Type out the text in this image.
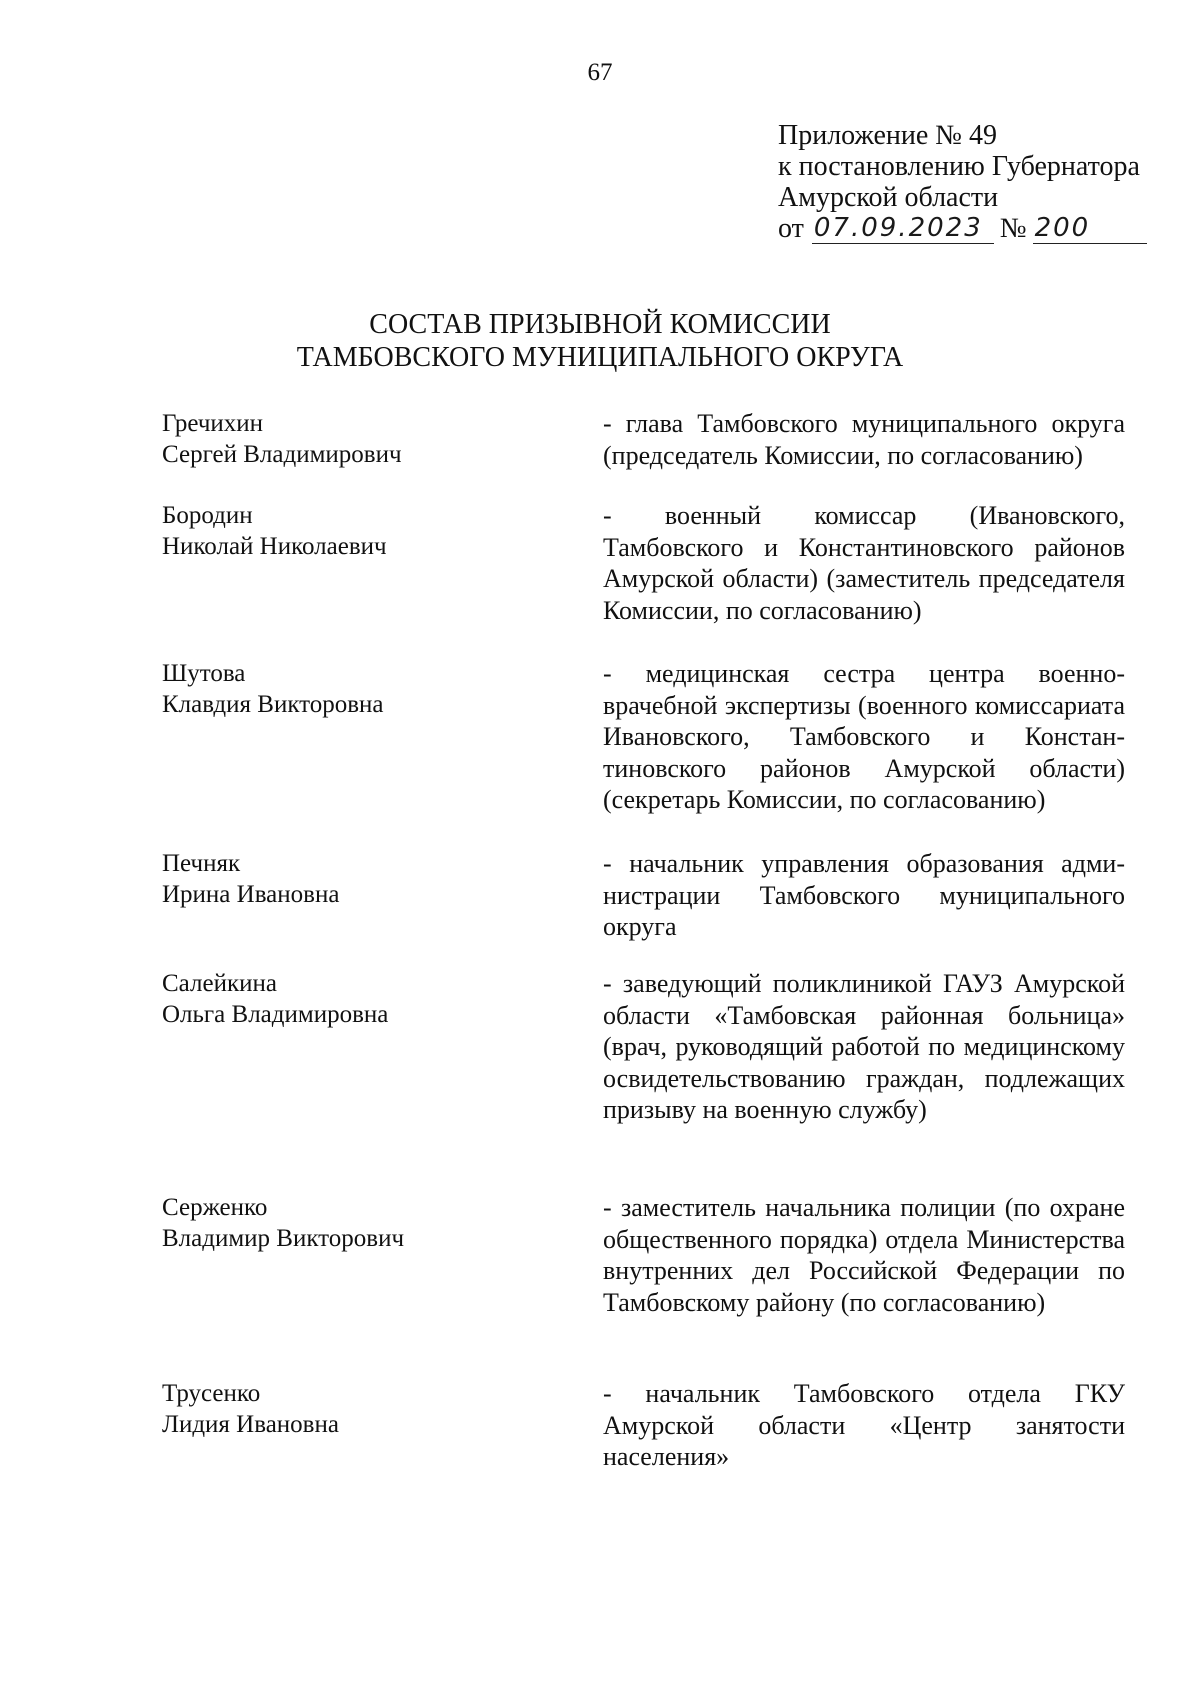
67
Приложение № 49
к постановлению Губернатора
Амурской области
от 07.09.2023 № 200
СОСТАВ ПРИЗЫВНОЙ КОМИССИИ
ТАМБОВСКОГО МУНИЦИПАЛЬНОГО ОКРУГА
Гречихин
Сергей Владимирович
- глава Тамбовского муниципального округа (председатель Комиссии, по согласованию)
Бородин
Николай Николаевич
- военный комиссар (Ивановского, Тамбовского и Константиновского районов Амурской области) (заместитель председателя Комиссии, по согласованию)
Шутова
Клавдия Викторовна
- медицинская сестра центра военно-врачебной экспертизы (военного комиссариата Ивановского, Тамбовского и Константиновского районов Амурской области) (секретарь Комиссии, по согласованию)
Печняк
Ирина Ивановна
- начальник управления образования администрации Тамбовского муниципального округа
Салейкина
Ольга Владимировна
- заведующий поликлиникой ГАУЗ Амурской области «Тамбовская районная больница» (врач, руководящий работой по медицинскому освидетельствованию граждан, подлежащих призыву на военную службу)
Серженко
Владимир Викторович
- заместитель начальника полиции (по охране общественного порядка) отдела Министерства внутренних дел Российской Федерации по Тамбовскому району (по согласованию)
Трусенко
Лидия Ивановна
- начальник Тамбовского отдела ГКУ Амурской области «Центр занятости населения»
